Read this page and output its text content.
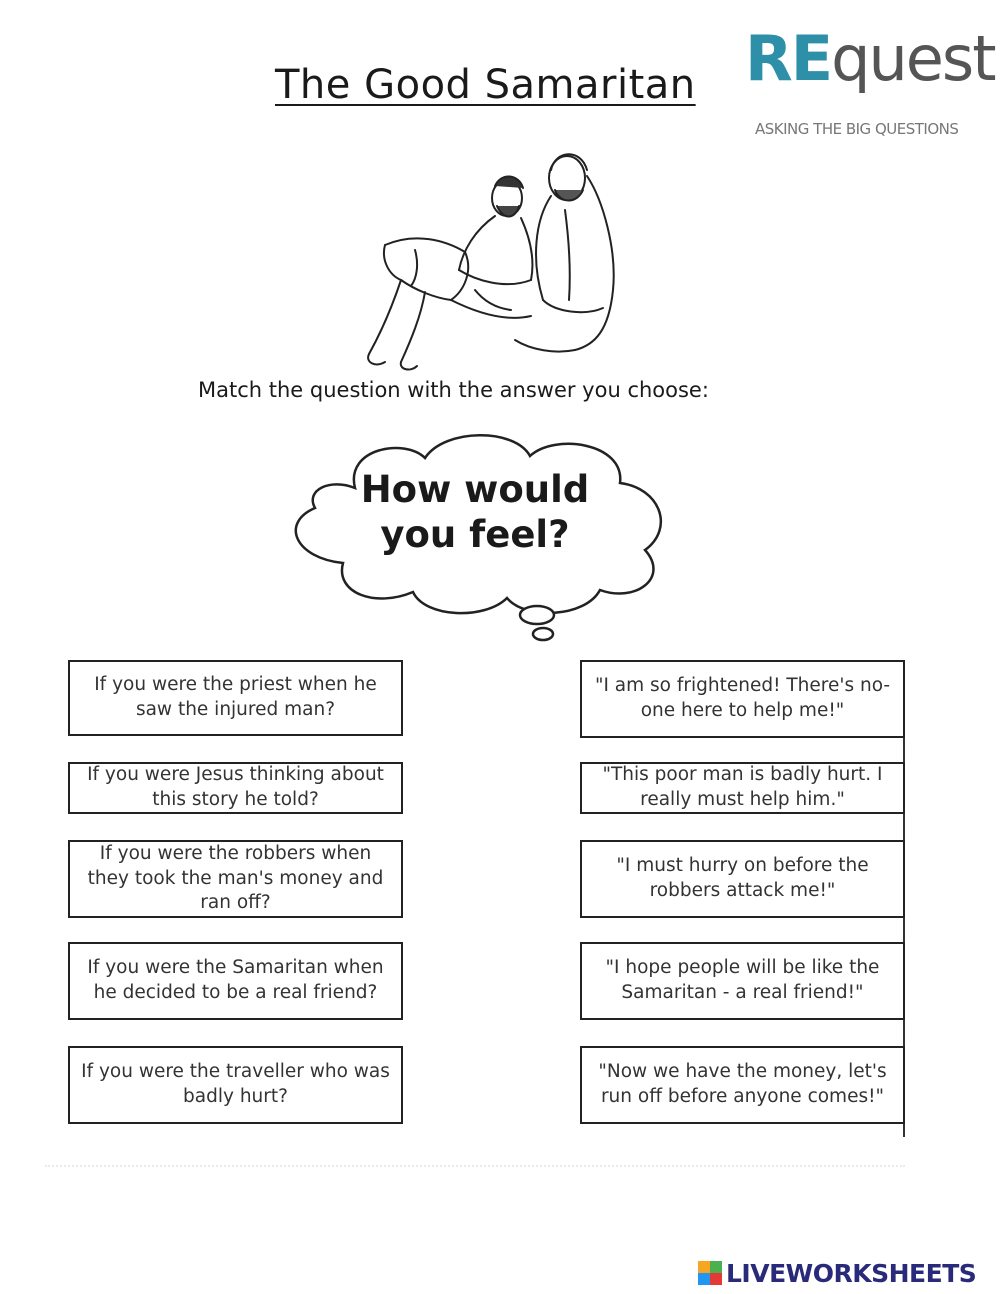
The Good Samaritan REquest
ASKING THE BIG QUESTIONS
Match the question with the answer you choose:
How would
you feel?
If you were the priest when he saw the injured man?
If you were Jesus thinking about this story he told?
If you were the robbers when they took the man's money and ran off?
If you were the Samaritan when he decided to be a real friend?
If you were the traveller who was badly hurt?
"I am so frightened! There's no-one here to help me!"
"This poor man is badly hurt. I really must help him."
"I must hurry on before the robbers attack me!"
"I hope people will be like the Samaritan - a real friend!"
"Now we have the money, let's run off before anyone comes!"
LIVEWORKSHEETS
